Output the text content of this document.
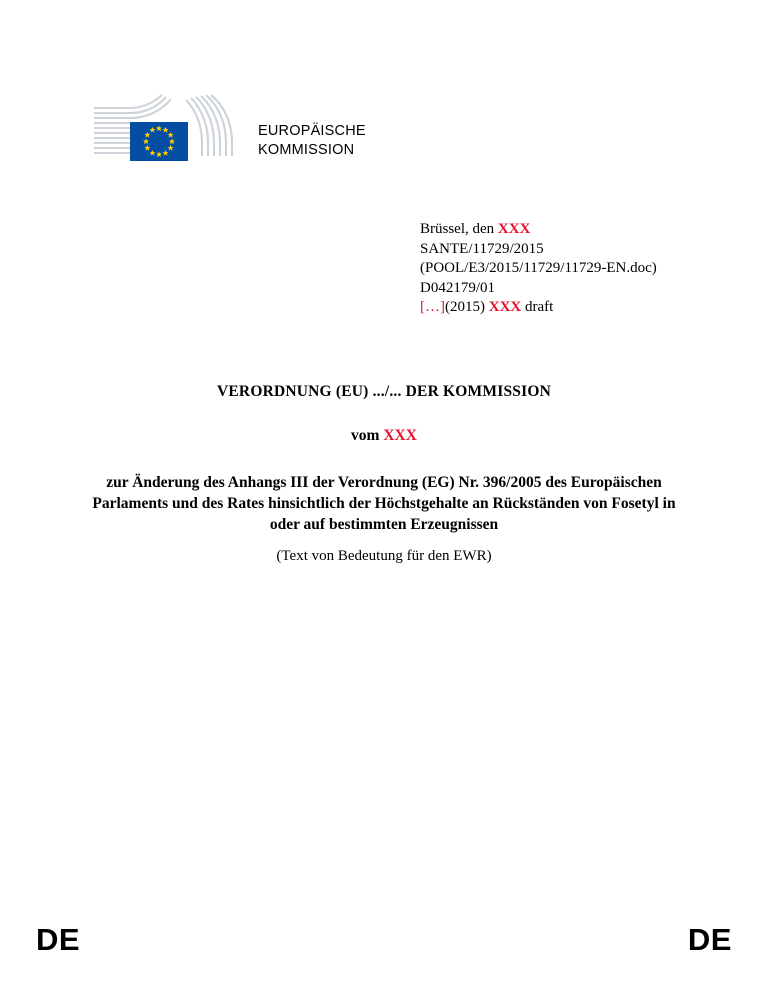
EUROPÄISCHE
KOMMISSION
Brüssel, den XXX
SANTE/11729/2015
(POOL/E3/2015/11729/11729-EN.doc)
D042179/01
[…](2015) XXX draft
VERORDNUNG (EU) .../... DER KOMMISSION
vom XXX
zur Änderung des Anhangs III der Verordnung (EG) Nr. 396/2005 des Europäischen Parlaments und des Rates hinsichtlich der Höchstgehalte an Rückständen von Fosetyl in oder auf bestimmten Erzeugnissen
(Text von Bedeutung für den EWR)
DE	DE
